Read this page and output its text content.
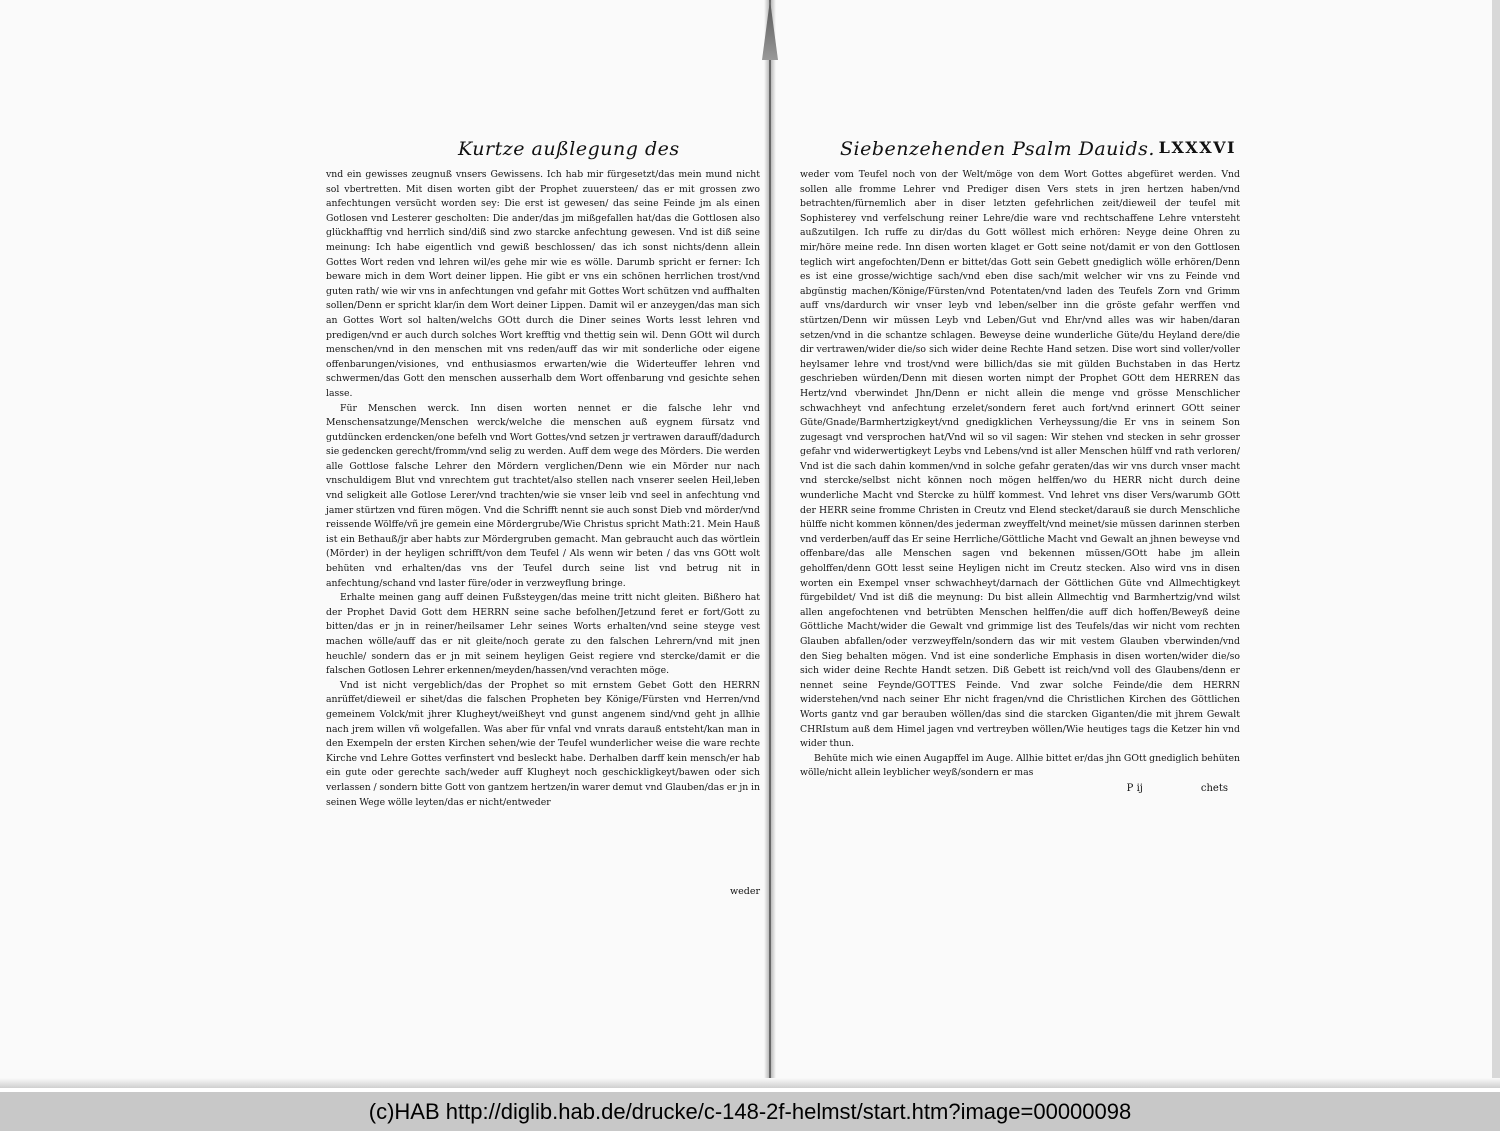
Kurtze außlegung des

vnd ein gewisses zeugnuß vnsers Gewissens. Ich hab mir fürgesetzt/das mein mund nicht sol vbertretten. Mit disen worten gibt der Prophet zuuersteen/ das er mit grossen zwo anfechtungen versücht worden sey: Die erst ist gewesen/ das seine Feinde jm als einen Gotlosen vnd Lesterer gescholten: Die ander/das jm mißgefallen hat/das die Gottlosen also glückhafftig vnd herrlich sind/diß sind zwo starcke anfechtung gewesen. Vnd ist diß seine meinung: Ich habe eigentlich vnd gewiß beschlossen/ das ich sonst nichts/denn allein Gottes Wort reden vnd lehren wil/es gehe mir wie es wölle. Darumb spricht er ferner: Ich beware mich in dem Wort deiner lippen. Hie gibt er vns ein schönen herrlichen trost/vnd guten rath/ wie wir vns in anfechtungen vnd gefahr mit Gottes Wort schützen vnd auffhalten sollen/Denn er spricht klar/in dem Wort deiner Lippen. Damit wil er anzeygen/das man sich an Gottes Wort sol halten/welchs GOtt durch die Diner seines Worts lesst lehren vnd predigen/vnd er auch durch solches Wort krefftig vnd thettig sein wil. Denn GOtt wil durch menschen/vnd in den menschen mit vns reden/auff das wir mit sonderliche oder eigene offenbarungen/visiones, vnd enthusiasmos erwarten/wie die Widerteuffer lehren vnd schwermen/das Gott den menschen ausserhalb dem Wort offenbarung vnd gesichte sehen lasse.

Für Menschen werck. Inn disen worten nennet er die falsche lehr vnd Menschensatzunge/Menschen werck/welche die menschen auß eygnem fürsatz vnd gutdüncken erdencken/one befelh vnd Wort Gottes/vnd setzen jr vertrawen darauff/dadurch sie gedencken gerecht/fromm/vnd selig zu werden. Auff dem wege des Mörders. Die werden alle Gottlose falsche Lehrer den Mördern verglichen/Denn wie ein Mörder nur nach vnschuldigem Blut vnd vnrechtem gut trachtet/also stellen nach vnserer seelen Heil,leben vnd seligkeit alle Gotlose Lerer/vnd trachten/wie sie vnser leib vnd seel in anfechtung vnd jamer stürtzen vnd füren mögen. Vnd die Schrifft nennt sie auch sonst Dieb vnd mörder/vnd reissende Wölffe/vñ jre gemein eine Mördergrube/Wie Christus spricht Math:21. Mein Hauß ist ein Bethauß/jr aber habts zur Mördergruben gemacht. Man gebraucht auch das wörtlein (Mörder) in der heyligen schrifft/von dem Teufel / Als wenn wir beten / das vns GOtt wolt behüten vnd erhalten/das vns der Teufel durch seine list vnd betrug nit in anfechtung/schand vnd laster füre/oder in verzweyflung bringe.

Erhalte meinen gang auff deinen Fußsteygen/das meine tritt nicht gleiten. Bißhero hat der Prophet David Gott dem HERRN seine sache befolhen/Jetzund feret er fort/Gott zu bitten/das er jn in reiner/heilsamer Lehr seines Worts erhalten/vnd seine steyge vest machen wölle/auff das er nit gleite/noch gerate zu den falschen Lehrern/vnd mit jnen heuchle/ sondern das er jn mit seinem heyligen Geist regiere vnd stercke/damit er die falschen Gotlosen Lehrer erkennen/meyden/hassen/vnd verachten möge.

Vnd ist nicht vergeblich/das der Prophet so mit ernstem Gebet Gott den HERRN anrüffet/dieweil er sihet/das die falschen Propheten bey Könige/Fürsten vnd Herren/vnd gemeinem Volck/mit jhrer Klugheyt/weißheyt vnd gunst angenem sind/vnd geht jn allhie nach jrem willen vñ wolgefallen. Was aber für vnfal vnd vnrats darauß entsteht/kan man in den Exempeln der ersten Kirchen sehen/wie der Teufel wunderlicher weise die ware rechte Kirche vnd Lehre Gottes verfinstert vnd besleckt habe. Derhalben darff kein mensch/er hab ein gute oder gerechte sach/weder auff Klugheyt noch geschickligkeyt/bawen oder sich verlassen / sondern bitte Gott von gantzem hertzen/in warer demut vnd Glauben/das er jn in seinen Wege wölle leyten/das er nicht/entweder

weder
Siebenzehenden Psalm Dauids. LXXXVI

weder vom Teufel noch von der Welt/möge von dem Wort Gottes abgefüret werden. Vnd sollen alle fromme Lehrer vnd Prediger disen Vers stets in jren hertzen haben/vnd betrachten/fürnemlich aber in diser letzten gefehrlichen zeit/dieweil der teufel mit Sophisterey vnd verfelschung reiner Lehre/die ware vnd rechtschaffene Lehre vntersteht außzutilgen. Ich ruffe zu dir/das du Gott wöllest mich erhören: Neyge deine Ohren zu mir/höre meine rede. Inn disen worten klaget er Gott seine not/damit er von den Gottlosen teglich wirt angefochten/Denn er bittet/das Gott sein Gebett gnediglich wölle erhören/Denn es ist eine grosse/wichtige sach/vnd eben dise sach/mit welcher wir vns zu Feinde vnd abgünstig machen/Könige/Fürsten/vnd Potentaten/vnd laden des Teufels Zorn vnd Grimm auff vns/dardurch wir vnser leyb vnd leben/selber inn die gröste gefahr werffen vnd stürtzen/Denn wir müssen Leyb vnd Leben/Gut vnd Ehr/vnd alles was wir haben/daran setzen/vnd in die schantze schlagen. Beweyse deine wunderliche Güte/du Heyland dere/die dir vertrawen/wider die/so sich wider deine Rechte Hand setzen. Dise wort sind voller/voller heylsamer lehre vnd trost/vnd were billich/das sie mit gülden Buchstaben in das Hertz geschrieben würden/Denn mit diesen worten nimpt der Prophet GOtt dem HERREN das Hertz/vnd vberwindet Jhn/Denn er nicht allein die menge vnd grösse Menschlicher schwachheyt vnd anfechtung erzelet/sondern feret auch fort/vnd erinnert GOtt seiner Güte/Gnade/Barmhertzigkeyt/vnd gnedigklichen Verheyssung/die Er vns in seinem Son zugesagt vnd versprochen hat/Vnd wil so vil sagen: Wir stehen vnd stecken in sehr grosser gefahr vnd widerwertigkeyt Leybs vnd Lebens/vnd ist aller Menschen hülff vnd rath verloren/ Vnd ist die sach dahin kommen/vnd in solche gefahr geraten/das wir vns durch vnser macht vnd stercke/selbst nicht können noch mögen helffen/wo du HERR nicht durch deine wunderliche Macht vnd Stercke zu hülff kommest. Vnd lehret vns diser Vers/warumb GOtt der HERR seine fromme Christen in Creutz vnd Elend stecket/darauß sie durch Menschliche hülffe nicht kommen können/des jederman zweyffelt/vnd meinet/sie müssen darinnen sterben vnd verderben/auff das Er seine Herrliche/Göttliche Macht vnd Gewalt an jhnen beweyse vnd offenbare/das alle Menschen sagen vnd bekennen müssen/GOtt habe jm allein geholffen/denn GOtt lesst seine Heyligen nicht im Creutz stecken. Also wird vns in disen worten ein Exempel vnser schwachheyt/darnach der Göttlichen Güte vnd Allmechtigkeyt fürgebildet/ Vnd ist diß die meynung: Du bist allein Allmechtig vnd Barmhertzig/vnd wilst allen angefochtenen vnd betrübten Menschen helffen/die auff dich hoffen/Beweyß deine Göttliche Macht/wider die Gewalt vnd grimmige list des Teufels/das wir nicht vom rechten Glauben abfallen/oder verzweyffeln/sondern das wir mit vestem Glauben vberwinden/vnd den Sieg behalten mögen. Vnd ist eine sonderliche Emphasis in disen worten/wider die/so sich wider deine Rechte Handt setzen. Diß Gebett ist reich/vnd voll des Glaubens/denn er nennet seine Feynde/GOTTES Feinde. Vnd zwar solche Feinde/die dem HERRN widerstehen/vnd nach seiner Ehr nicht fragen/vnd die Christlichen Kirchen des Göttlichen Worts gantz vnd gar berauben wöllen/das sind die starcken Giganten/die mit jhrem Gewalt CHRIstum auß dem Himel jagen vnd vertreyben wöllen/Wie heutiges tags die Ketzer hin vnd wider thun.

Behüte mich wie einen Augapffel im Auge. Allhie bittet er/das jhn GOtt gnediglich behüten wölle/nicht allein leyblicher weyß/sondern er mas

P ij	chets
(c)HAB http://diglib.hab.de/drucke/c-148-2f-helmst/start.htm?image=00000098
